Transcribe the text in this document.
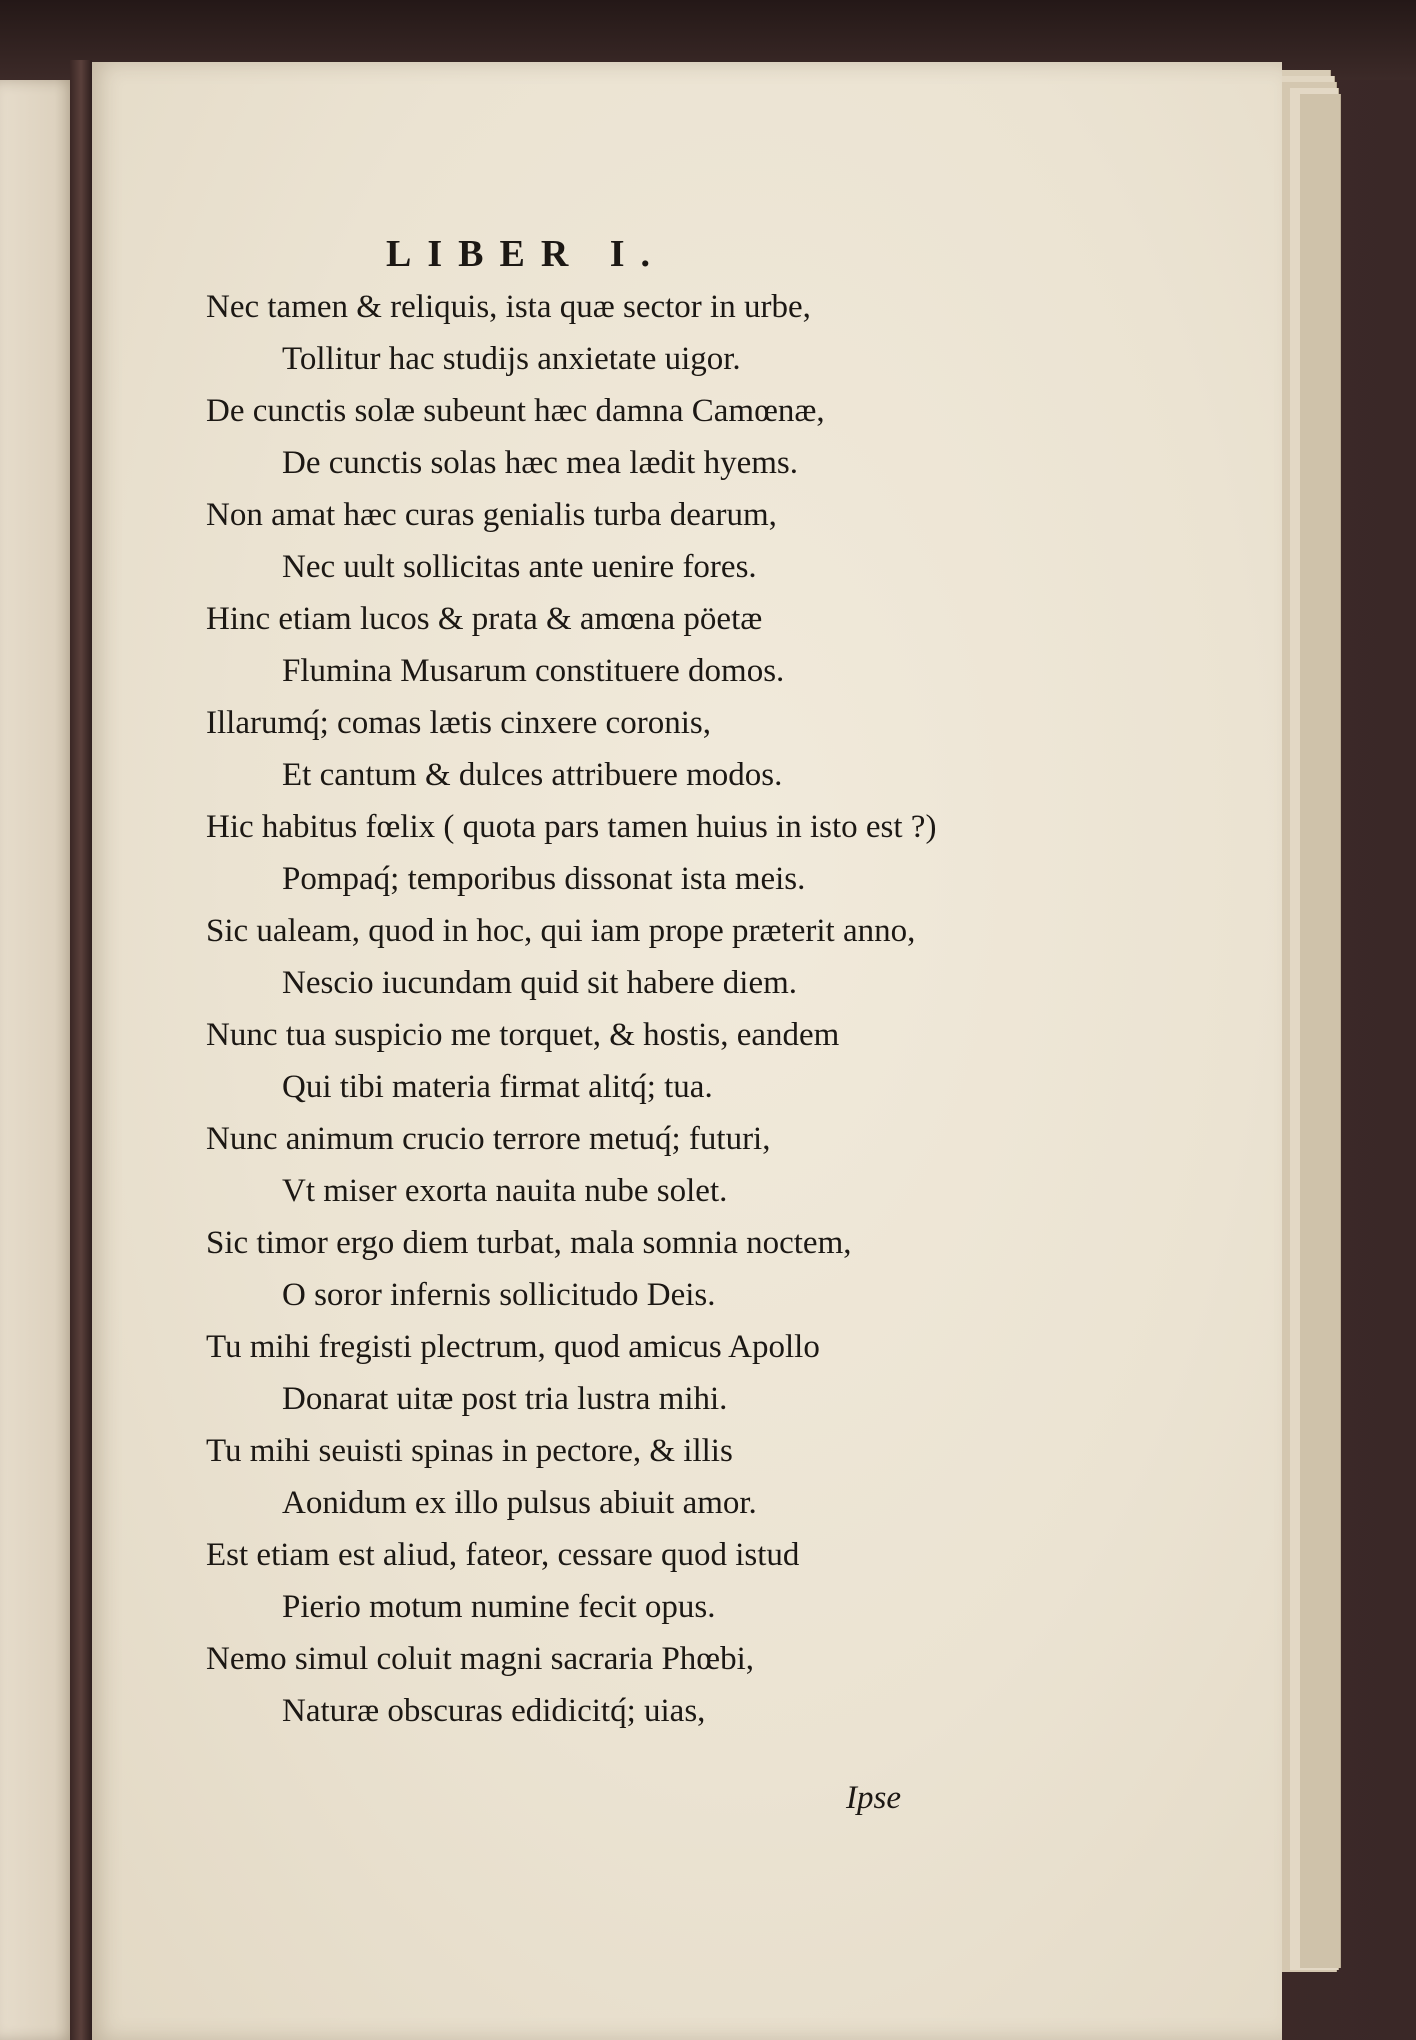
LIBER I.
Nec tamen & reliquis, ista quæ sector in urbe,
Tollitur hac studijs anxietate uigor.
De cunctis solæ subeunt hæc damna Camœnæ,
De cunctis solas hæc mea lædit hyems.
Non amat hæc curas genialis turba dearum,
Nec uult sollicitas ante uenire fores.
Hinc etiam lucos & prata & amœna pöetæ
Flumina Musarum constituere domos.
Illarumq́; comas lætis cinxere coronis,
Et cantum & dulces attribuere modos.
Hic habitus fœlix ( quota pars tamen huius in isto est ?)
Pompaq́; temporibus dissonat ista meis.
Sic ualeam, quod in hoc, qui iam prope præterit anno,
Nescio iucundam quid sit habere diem.
Nunc tua suspicio me torquet, & hostis, eandem
Qui tibi materia firmat alitq́; tua.
Nunc animum crucio terrore metuq́; futuri,
Vt miser exorta nauita nube solet.
Sic timor ergo diem turbat, mala somnia noctem,
O soror infernis sollicitudo Deis.
Tu mihi fregisti plectrum, quod amicus Apollo
Donarat uitæ post tria lustra mihi.
Tu mihi seuisti spinas in pectore, & illis
Aonidum ex illo pulsus abiuit amor.
Est etiam est aliud, fateor, cessare quod istud
Pierio motum numine fecit opus.
Nemo simul coluit magni sacraria Phœbi,
Naturæ obscuras edidicitq́; uias,
Ipse
